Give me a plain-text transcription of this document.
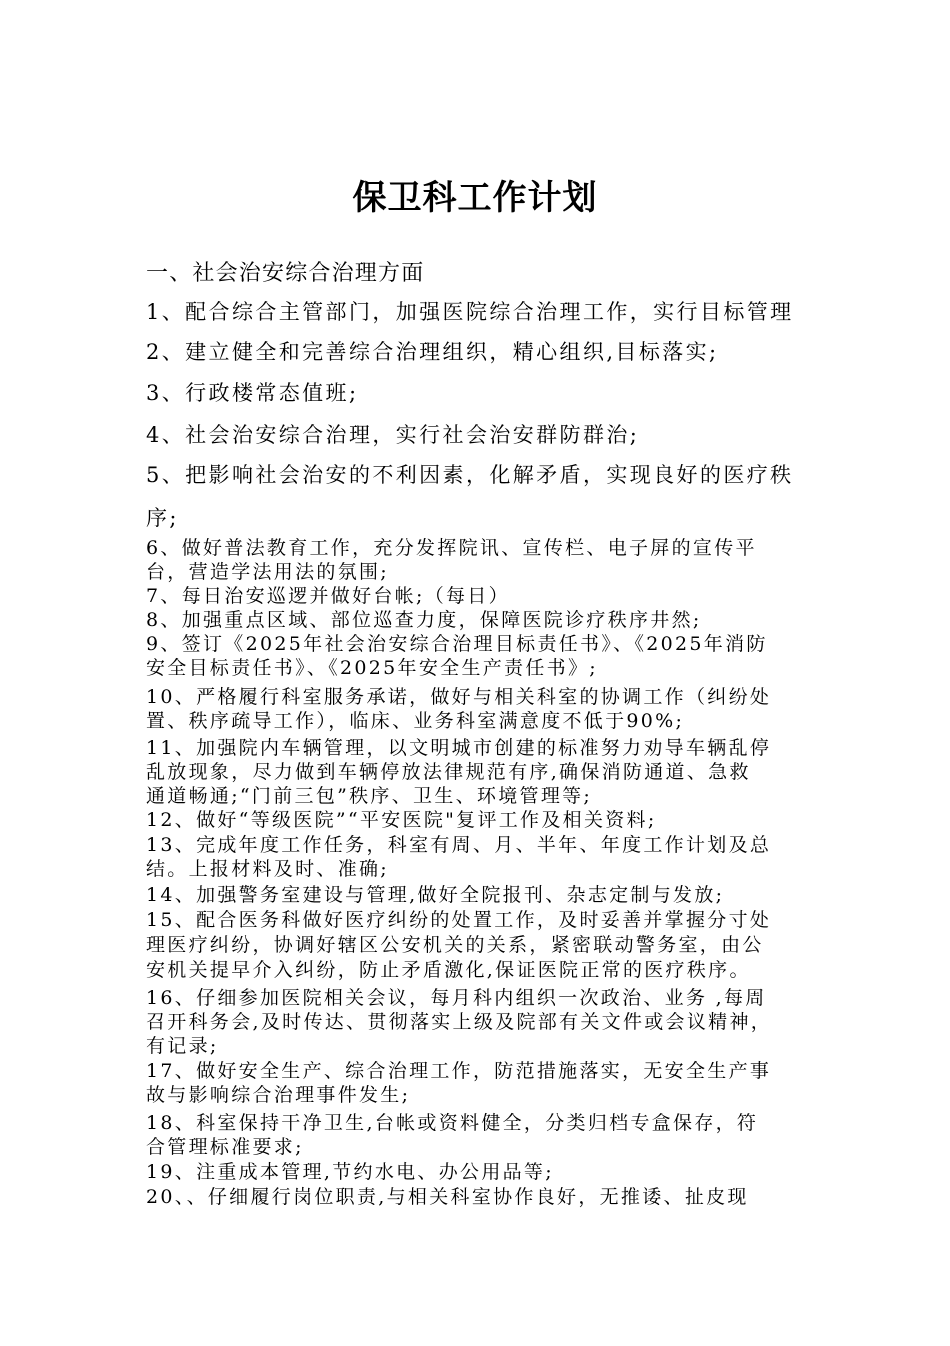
保卫科工作计划
一、社会治安综合治理方面
1、配合综合主管部门，加强医院综合治理工作，实行目标管理
2、建立健全和完善综合治理组织，精心组织,目标落实;
3、行政楼常态值班;
4、社会治安综合治理，实行社会治安群防群治;
5、把影响社会治安的不利因素，化解矛盾，实现良好的医疗秩
序;
6、做好普法教育工作，充分发挥院讯、宣传栏、电子屏的宣传平
台，营造学法用法的氛围;
7、每日治安巡逻并做好台帐;（每日）
8、加强重点区域、部位巡查力度，保障医院诊疗秩序井然;
9、签订《2025年社会治安综合治理目标责任书》、《2025年消防
安全目标责任书》、《2025年安全生产责任书》;
10、严格履行科室服务承诺，做好与相关科室的协调工作（纠纷处
置、秩序疏导工作），临床、业务科室满意度不低于90%;
11、加强院内车辆管理，以文明城市创建的标准努力劝导车辆乱停
乱放现象，尽力做到车辆停放法律规范有序,确保消防通道、急救
通道畅通;“门前三包”秩序、卫生、环境管理等;
12、做好“等级医院”“平安医院"复评工作及相关资料;
13、完成年度工作任务，科室有周、月、半年、年度工作计划及总
结。上报材料及时、准确;
14、加强警务室建设与管理,做好全院报刊、杂志定制与发放;
15、配合医务科做好医疗纠纷的处置工作，及时妥善并掌握分寸处
理医疗纠纷，协调好辖区公安机关的关系，紧密联动警务室，由公
安机关提早介入纠纷，防止矛盾激化,保证医院正常的医疗秩序。
16、仔细参加医院相关会议，每月科内组织一次政治、业务 ,每周
召开科务会,及时传达、贯彻落实上级及院部有关文件或会议精神，
有记录;
17、做好安全生产、综合治理工作，防范措施落实，无安全生产事
故与影响综合治理事件发生;
18、科室保持干净卫生,台帐或资料健全，分类归档专盒保存，符
合管理标准要求;
19、注重成本管理,节约水电、办公用品等;
20、、仔细履行岗位职责,与相关科室协作良好，无推诿、扯皮现
